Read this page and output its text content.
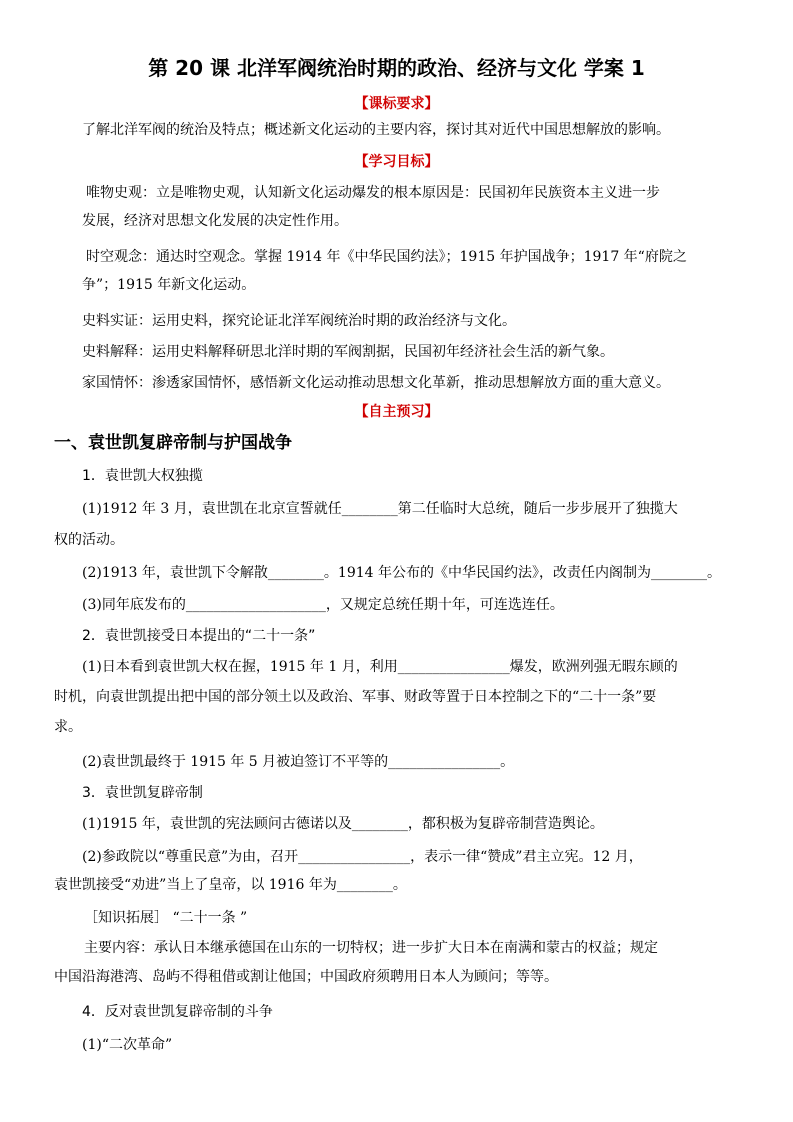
第 20 课 北洋军阀统治时期的政治、经济与文化 学案 1
【课标要求】
了解北洋军阀的统治及特点；概述新文化运动的主要内容，探讨其对近代中国思想解放的影响。
【学习目标】
唯物史观：立是唯物史观，认知新文化运动爆发的根本原因是：民国初年民族资本主义进一步
发展，经济对思想文化发展的决定性作用。
时空观念：通达时空观念。掌握 1914 年《中华民国约法》；1915 年护国战争；1917 年“府院之
争”；1915 年新文化运动。
史料实证：运用史料，探究论证北洋军阀统治时期的政治经济与文化。
史料解释：运用史料解释研思北洋时期的军阀割据，民国初年经济社会生活的新气象。
家国情怀：渗透家国情怀，感悟新文化运动推动思想文化革新，推动思想解放方面的重大意义。
【自主预习】
一、袁世凯复辟帝制与护国战争
1．袁世凯大权独揽
(1)1912 年 3 月，袁世凯在北京宣誓就任________第二任临时大总统，随后一步步展开了独揽大
权的活动。
(2)1913 年，袁世凯下令解散________。1914 年公布的《中华民国约法》，改责任内阁制为________。
(3)同年底发布的____________________，又规定总统任期十年，可连选连任。
2．袁世凯接受日本提出的“二十一条”
(1)日本看到袁世凯大权在握，1915 年 1 月，利用________________爆发，欧洲列强无暇东顾的
时机，向袁世凯提出把中国的部分领土以及政治、军事、财政等置于日本控制之下的“二十一条”要
求。
(2)袁世凯最终于 1915 年 5 月被迫签订不平等的________________。
3．袁世凯复辟帝制
(1)1915 年，袁世凯的宪法顾问古德诺以及________，都积极为复辟帝制营造舆论。
(2)参政院以“尊重民意”为由，召开________________，表示一律“赞成”君主立宪。12 月，
袁世凯接受“劝进”当上了皇帝，以 1916 年为________。
［知识拓展］ “二十一条 ”
主要内容：承认日本继承德国在山东的一切特权；进一步扩大日本在南满和蒙古的权益；规定
中国沿海港湾、岛屿不得租借或割让他国；中国政府须聘用日本人为顾问；等等。
4．反对袁世凯复辟帝制的斗争
(1)“二次革命”
